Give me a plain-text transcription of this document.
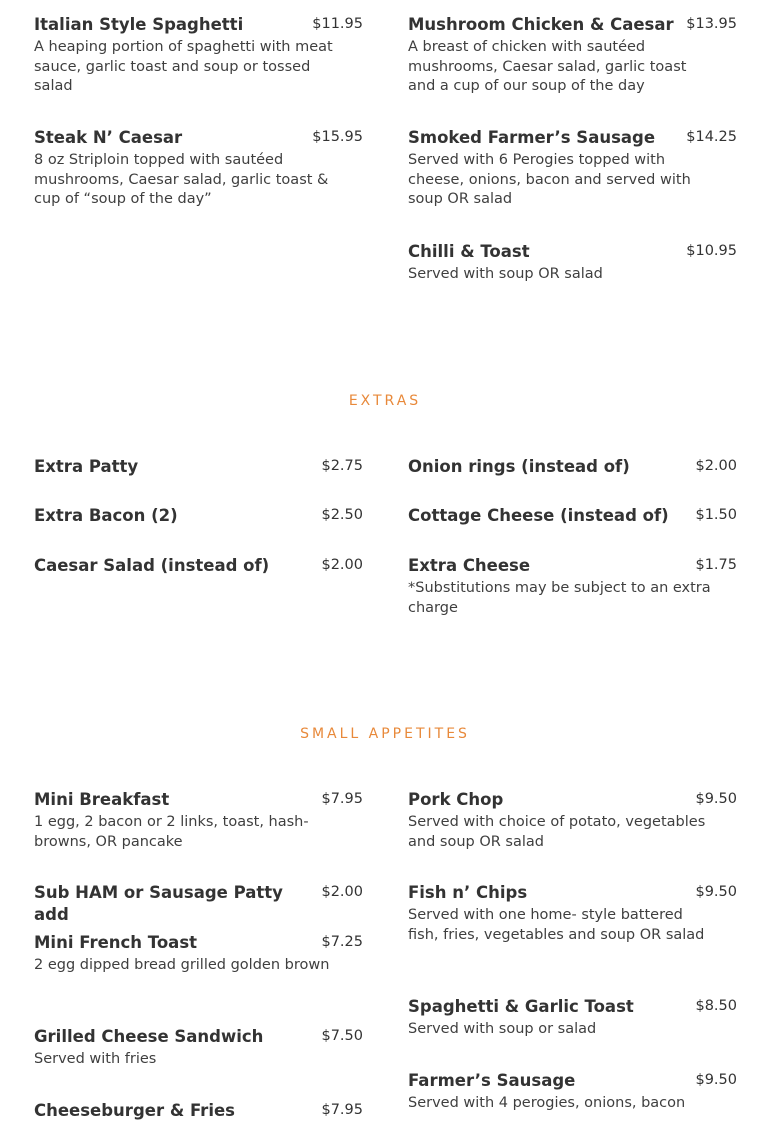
Italian Style Spaghetti	$11.95
A heaping portion of spaghetti with meat sauce, garlic toast and soup or tossed salad
Steak N’ Caesar	$15.95
8 oz Striploin topped with sautéed mushrooms, Caesar salad, garlic toast & cup of “soup of the day”
Mushroom Chicken & Caesar $13.95
A breast of chicken with sautéed mushrooms, Caesar salad, garlic toast and a cup of our soup of the day
Smoked Farmer’s Sausage	$14.25
Served with 6 Perogies topped with cheese, onions, bacon and served with soup OR salad
Chilli & Toast	$10.95
Served with soup OR salad
EXTRAS
Extra Patty	$2.75
Extra Bacon (2)	$2.50
Caesar Salad (instead of)	$2.00
Onion rings (instead of)	$2.00
Cottage Cheese (instead of)	$1.50
Extra Cheese	$1.75
*Substitutions may be subject to an extra charge
SMALL APPETITES
Mini Breakfast	$7.95
1 egg, 2 bacon or 2 links, toast, hash-browns, OR pancake
Sub HAM or Sausage Patty add
$2.00
Mini French Toast	$7.25
2 egg dipped bread grilled golden brown
Grilled Cheese Sandwich	$7.50
Served with fries
Cheeseburger & Fries	$7.95
Pork Chop	$9.50
Served with choice of potato, vegetables and soup OR salad
Fish n’ Chips	$9.50
Served with one home- style battered fish, fries, vegetables and soup OR salad
Spaghetti & Garlic Toast	$8.50
Served with soup or salad
Farmer’s Sausage	$9.50
Served with 4 perogies, onions, bacon
